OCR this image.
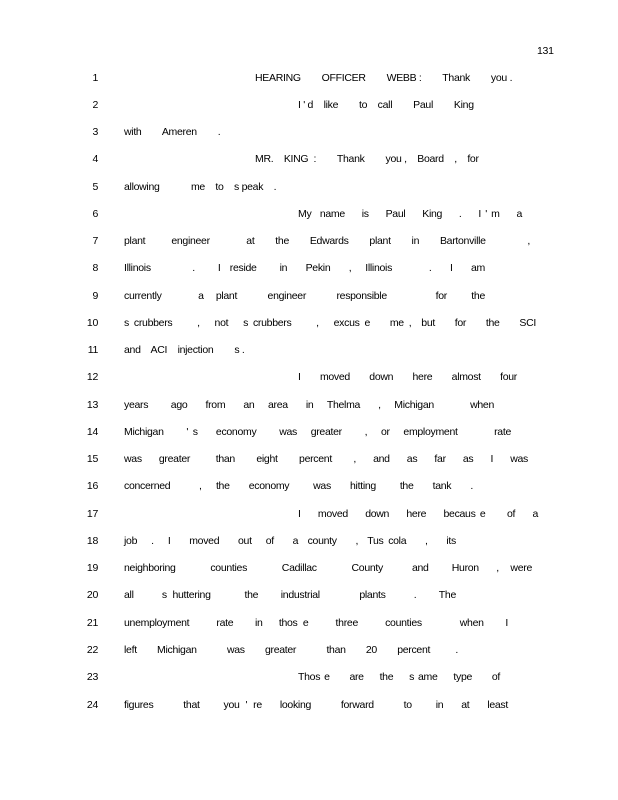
131
1	HEARING        OFFICER        WEBB :        Thank        you .
2	I ' d    like        to    call        Paul        King
3 with        Ameren        .
4	MR.    KING  :        Thank        you ,    Board    ,    for
5 allowing            me    to    s peak    .
6	My  name    is    Paul    King    .    I ' m    a
7 plant     engineer       at    the    Edwards    plant    in    Bartonville        ,
8 Illinois         .     I  reside     in    Pekin    ,   Illinois        .    I    am
9 currently      a  plant     engineer     responsible        for    the
10 s crubbers     ,   not   s crubbers     ,   excus e    me ,  but    for    the    SCI
11 and    ACI    injection        s .
12	I    moved    down    here    almost    four
13 years     ago    from    an   area    in   Thelma    ,   Michigan        when
14 Michigan     ' s    economy     was   greater     ,   or   employment        rate
15 was    greater      than     eight     percent     ,    and    as    far    as    I    was
16 concerned      ,   the    economy     was    hitting     the    tank    .
17	I    moved    down    here    becaus e     of    a
18 job   .   I    moved    out   of    a  county    ,  Tus cola    ,    its
19 neighboring      counties      Cadillac      County     and    Huron   ,  were
20 all     s huttering      the    industrial       plants     .    The
21 unemployment     rate    in   thos e     three     counties       when    I
22 left    Michigan      was    greater      than    20    percent     .
23	Thos e     are    the    s ame    type     of
24 figures     that    you ' re   looking     forward     to    in   at   least
